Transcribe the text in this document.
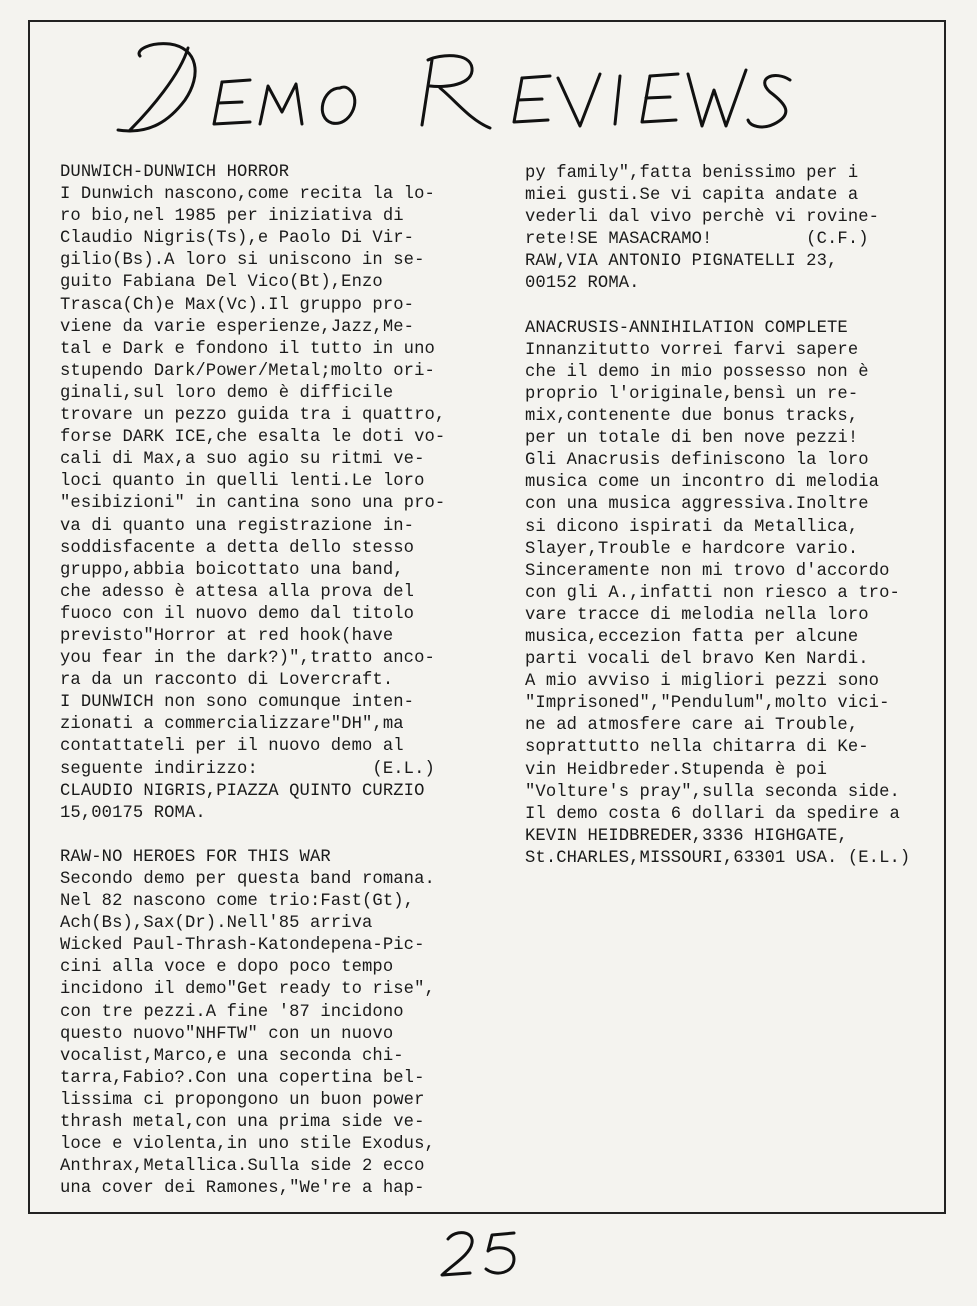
DUNWICH-DUNWICH HORROR
I Dunwich nascono,come recita la lo-
ro bio,nel 1985 per iniziativa di
Claudio Nigris(Ts),e Paolo Di Vir-
gilio(Bs).A loro si uniscono in se-
guito Fabiana Del Vico(Bt),Enzo
Trasca(Ch)e Max(Vc).Il gruppo pro-
viene da varie esperienze,Jazz,Me-
tal e Dark e fondono il tutto in uno
stupendo Dark/Power/Metal;molto ori-
ginali,sul loro demo è difficile
trovare un pezzo guida tra i quattro,
forse DARK ICE,che esalta le doti vo-
cali di Max,a suo agio su ritmi ve-
loci quanto in quelli lenti.Le loro
"esibizioni" in cantina sono una pro-
va di quanto una registrazione in-
soddisfacente a detta dello stesso
gruppo,abbia boicottato una band,
che adesso è attesa alla prova del
fuoco con il nuovo demo dal titolo
previsto"Horror at red hook(have
you fear in the dark?)",tratto anco-
ra da un racconto di Lovercraft.
I DUNWICH non sono comunque inten-
zionati a commercializzare"DH",ma
contattateli per il nuovo demo al
seguente indirizzo:           (E.L.)
CLAUDIO NIGRIS,PIAZZA QUINTO CURZIO
15,00175 ROMA.
RAW-NO HEROES FOR THIS WAR
Secondo demo per questa band romana.
Nel 82 nascono come trio:Fast(Gt),
Ach(Bs),Sax(Dr).Nell'85 arriva
Wicked Paul-Thrash-Katondepena-Pic-
cini alla voce e dopo poco tempo
incidono il demo"Get ready to rise",
con tre pezzi.A fine '87 incidono
questo nuovo"NHFTW" con un nuovo
vocalist,Marco,e una seconda chi-
tarra,Fabio?.Con una copertina bel-
lissima ci propongono un buon power
thrash metal,con una prima side ve-
loce e violenta,in uno stile Exodus,
Anthrax,Metallica.Sulla side 2 ecco
una cover dei Ramones,"We're a hap-
py family",fatta benissimo per i
miei gusti.Se vi capita andate a
vederli dal vivo perchè vi rovine-
rete!SE MASACRAMO!         (C.F.)
RAW,VIA ANTONIO PIGNATELLI 23,
00152 ROMA.
ANACRUSIS-ANNIHILATION COMPLETE
Innanzitutto vorrei farvi sapere
che il demo in mio possesso non è
proprio l'originale,bensì un re-
mix,contenente due bonus tracks,
per un totale di ben nove pezzi!
Gli Anacrusis definiscono la loro
musica come un incontro di melodia
con una musica aggressiva.Inoltre
si dicono ispirati da Metallica,
Slayer,Trouble e hardcore vario.
Sinceramente non mi trovo d'accordo
con gli A.,infatti non riesco a tro-
vare tracce di melodia nella loro
musica,eccezion fatta per alcune
parti vocali del bravo Ken Nardi.
A mio avviso i migliori pezzi sono
"Imprisoned","Pendulum",molto vici-
ne ad atmosfere care ai Trouble,
soprattutto nella chitarra di Ke-
vin Heidbreder.Stupenda è poi
"Volture's pray",sulla seconda side.
Il demo costa 6 dollari da spedire a
KEVIN HEIDBREDER,3336 HIGHGATE,
St.CHARLES,MISSOURI,63301 USA. (E.L.)
